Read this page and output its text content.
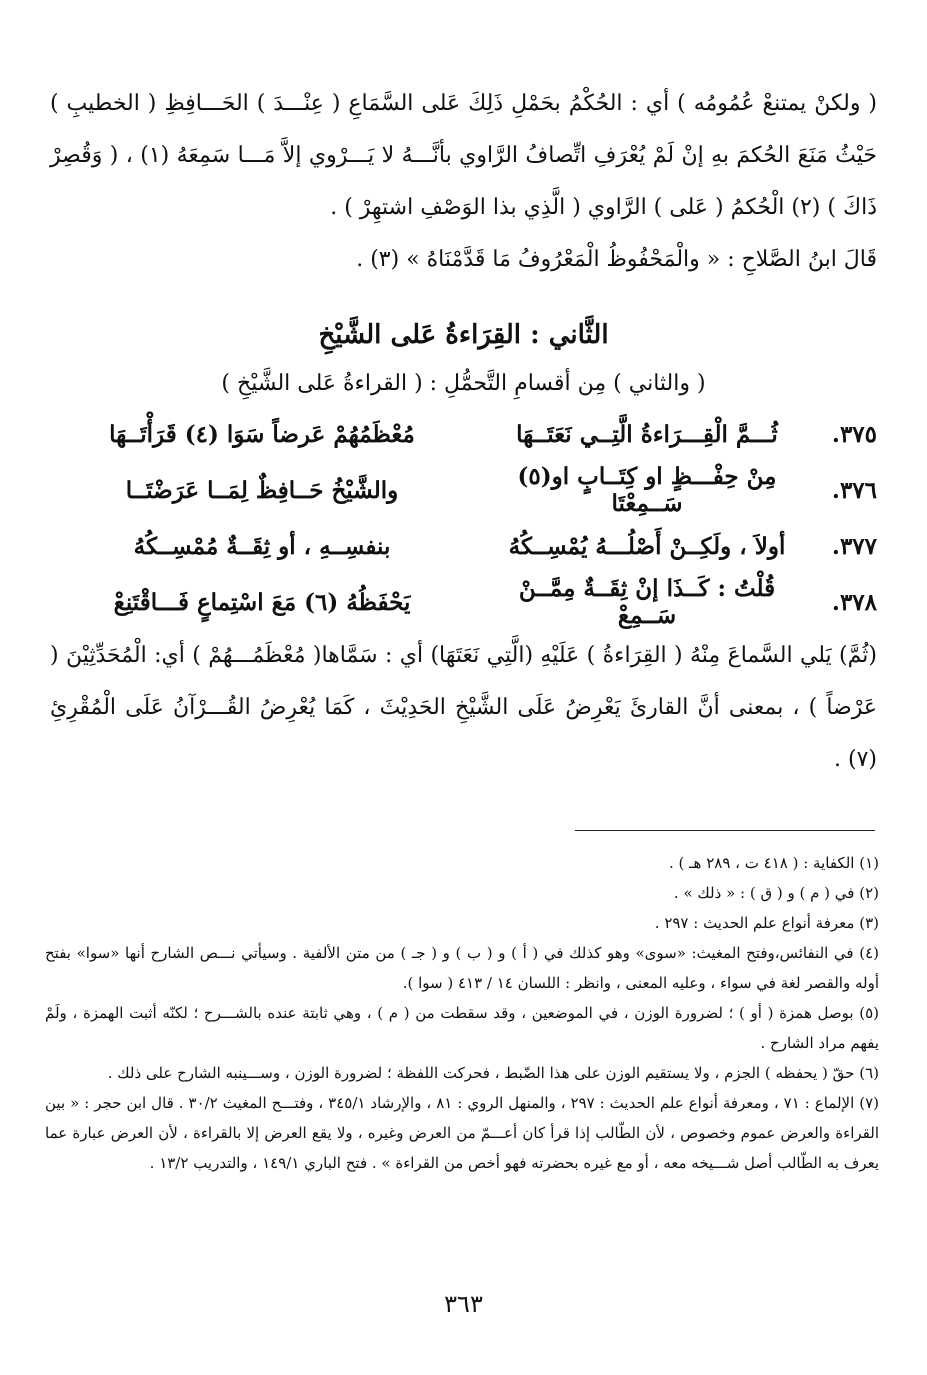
( ولكنْ يمتنعْ عُمُومُه ) أي : الحُكْمُ بحَمْلِ ذَلِكَ عَلى السَّمَاعِ ( عِنْـــدَ ) الحَـــافِظِ ( الخطيبِ ) حَيْثُ مَنَعَ الحُكمَ بهِ إنْ لَمْ يُعْرَفِ اتِّصافُ الرَّاوي بأنَّـــهُ لا يَـــرْوي إلاَّ مَـــا سَمِعَهُ (١) ، ( وَقُصِرْ ذَاكَ ) (٢) الْحُكمُ ( عَلى ) الرَّاوي ( الَّذِي بذا الوَصْفِ اشتهِرْ ) .

قَالَ ابنُ الصَّلاحِ : « والْمَحْفُوظُ الْمَعْرُوفُ مَا قَدَّمْنَاهُ » (٣) .

الثَّاني : القِرَاءةُ عَلى الشَّيْخِ
( والثاني ) مِن أقسامِ التَّحمُّلِ : ( القراءةُ عَلى الشَّيْخِ )
٣٧٥.
ثُـــمَّ الْقِـــرَاءةُ الَّتِــي نَعَتَــهَا
مُعْظَمُهُمْ عَرضاً سَوَا (٤) قَرَأْتَــهَا
٣٧٦.
مِنْ حِفْـــظٍ او كِتَــابٍ او(٥) سَــمِعْتَا
والشَّيْخُ حَــافِظٌ لِمَــا عَرَضْتَــا
٣٧٧.
أولاَ ، ولَكِــنْ أَصْلُـــهُ يُمْسِــكُهُ
بنفسِــهِ ، أو ثِقَــةٌ مُمْسِــكُهُ
٣٧٨.
قُلْتُ : كَــذَا إنْ ثِقَــةٌ مِمَّــنْ سَــمِعْ
يَحْفَظُهُ (٦) مَعَ اسْتِماعٍ فَـــاقْتَنِعْ

(ثُمَّ) يَلي السَّماعَ مِنْهُ ( القِرَاءةُ ) عَلَيْهِ (الَّتِي نَعَتَهَا) أي : سَمَّاها( مُعْظَمُـــهُمْ ) أي: الْمُحَدِّثِيْنَ ( عَرْضاً ) ، بمعنى أنَّ القارئَ يَعْرِضُ عَلَى الشَّيْخِ الحَدِيْثَ ، كَمَا يُعْرِضُ القُـــرْآنُ عَلَى الْمُقْرِئِ (٧) .

(١) الكفاية : ( ٤١٨ ت ، ٢٨٩ هـ ) .

(٢) في ( م ) و ( ق ) : « ذلك » .

(٣) معرفة أنواع علم الحديث : ٢٩٧ .

(٤) في النفائس،وفتح المغيث: «سوى» وهو كذلك في ( أ ) و ( ب ) و ( جـ ) من متن الألفية . وسيأتي نـــص الشارح أنها «سوا» بفتح أوله والقصر لغة في سواء ، وعليه المعنى ، وانظر : اللسان ١٤ / ٤١٣ ( سوا ).

(٥) بوصل همزة ( أو ) ؛ لضرورة الوزن ، في الموضعين ، وقد سقطت من ( م ) ، وهي ثابتة عنده بالشـــرح ؛ لكنّه أثبت الهمزة ، ولَمْ يفهم مراد الشارح .

(٦) حقّ ( يحفظه ) الجزم ، ولا يستقيم الوزن على هذا الضّبط ، فحركت اللفظة ؛ لضرورة الوزن ، وســـينبه الشارح على ذلك .

(٧) الإلماع : ٧١ ، ومعرفة أنواع علم الحديث : ٢٩٧ ، والمنهل الروي : ٨١ ، والإرشاد ٣٤٥/١ ، وفتـــح المغيث ٣٠/٢ . قال ابن حجر : « بين القراءة والعرض عموم وخصوص ، لأن الطّالب إذا قرأ كان أعـــمّ من العرض وغيره ، ولا يقع العرض إلا بالقراءة ، لأن العرض عبارة عما يعرف به الطّالب أصل شـــيخه معه ، أو مع غيره بحضرته فهو أخص من القراءة » . فتح الباري ١٤٩/١ ، والتدريب ١٣/٢ .

٣٦٣
